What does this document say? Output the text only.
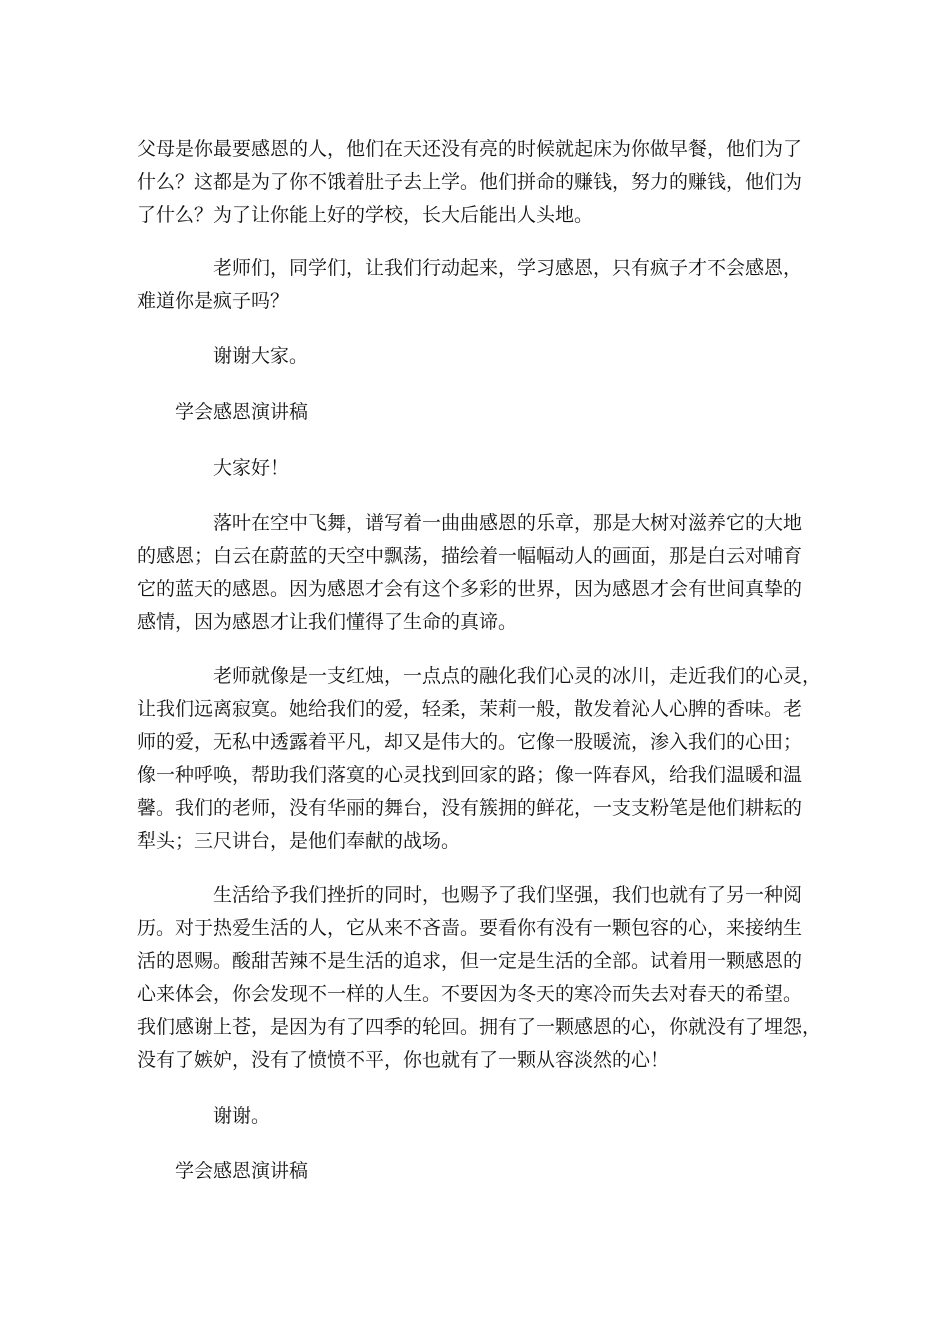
父母是你最要感恩的人，他们在天还没有亮的时候就起床为你做早餐，他们为了
什么？这都是为了你不饿着肚子去上学。他们拼命的赚钱，努力的赚钱，他们为
了什么？为了让你能上好的学校，长大后能出人头地。
老师们，同学们，让我们行动起来，学习感恩，只有疯子才不会感恩，
难道你是疯子吗？
谢谢大家。
学会感恩演讲稿
大家好！
落叶在空中飞舞，谱写着一曲曲感恩的乐章，那是大树对滋养它的大地
的感恩；白云在蔚蓝的天空中飘荡，描绘着一幅幅动人的画面，那是白云对哺育
它的蓝天的感恩。因为感恩才会有这个多彩的世界，因为感恩才会有世间真挚的
感情，因为感恩才让我们懂得了生命的真谛。
老师就像是一支红烛，一点点的融化我们心灵的冰川，走近我们的心灵，
让我们远离寂寞。她给我们的爱，轻柔，茉莉一般，散发着沁人心脾的香味。老
师的爱，无私中透露着平凡，却又是伟大的。它像一股暖流，渗入我们的心田；
像一种呼唤，帮助我们落寞的心灵找到回家的路；像一阵春风，给我们温暖和温
馨。我们的老师，没有华丽的舞台，没有簇拥的鲜花，一支支粉笔是他们耕耘的
犁头；三尺讲台，是他们奉献的战场。
生活给予我们挫折的同时，也赐予了我们坚强，我们也就有了另一种阅
历。对于热爱生活的人，它从来不吝啬。要看你有没有一颗包容的心，来接纳生
活的恩赐。酸甜苦辣不是生活的追求，但一定是生活的全部。试着用一颗感恩的
心来体会，你会发现不一样的人生。不要因为冬天的寒冷而失去对春天的希望。
我们感谢上苍，是因为有了四季的轮回。拥有了一颗感恩的心，你就没有了埋怨，
没有了嫉妒，没有了愤愤不平，你也就有了一颗从容淡然的心！
谢谢。
学会感恩演讲稿
